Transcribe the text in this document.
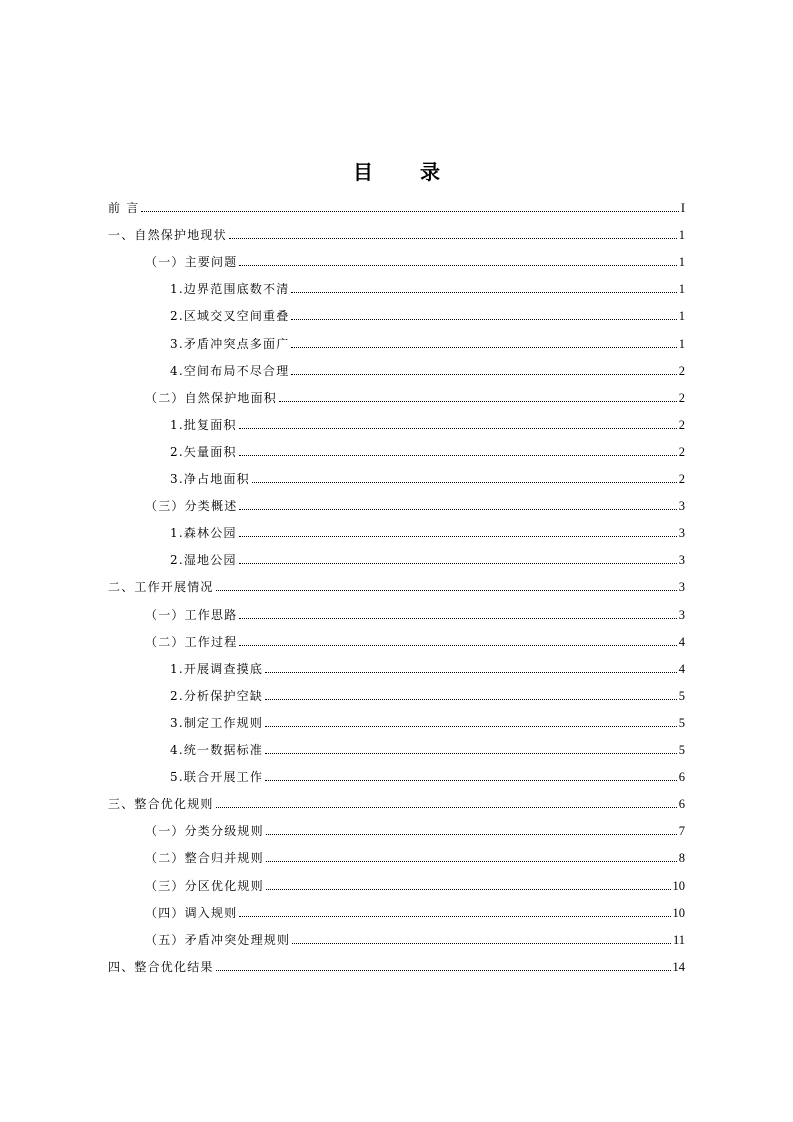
目 录
前 言	I
一、自然保护地现状	1
（一）主要问题	1
1.边界范围底数不清	1
2.区域交叉空间重叠	1
3.矛盾冲突点多面广	1
4.空间布局不尽合理	2
（二）自然保护地面积	2
1.批复面积	2
2.矢量面积	2
3.净占地面积	2
（三）分类概述	3
1.森林公园	3
2.湿地公园	3
二、工作开展情况	3
（一）工作思路	3
（二）工作过程	4
1.开展调查摸底	4
2.分析保护空缺	5
3.制定工作规则	5
4.统一数据标准	5
5.联合开展工作	6
三、整合优化规则	6
（一）分类分级规则	7
（二）整合归并规则	8
（三）分区优化规则	10
（四）调入规则	10
（五）矛盾冲突处理规则	11
四、整合优化结果	14
